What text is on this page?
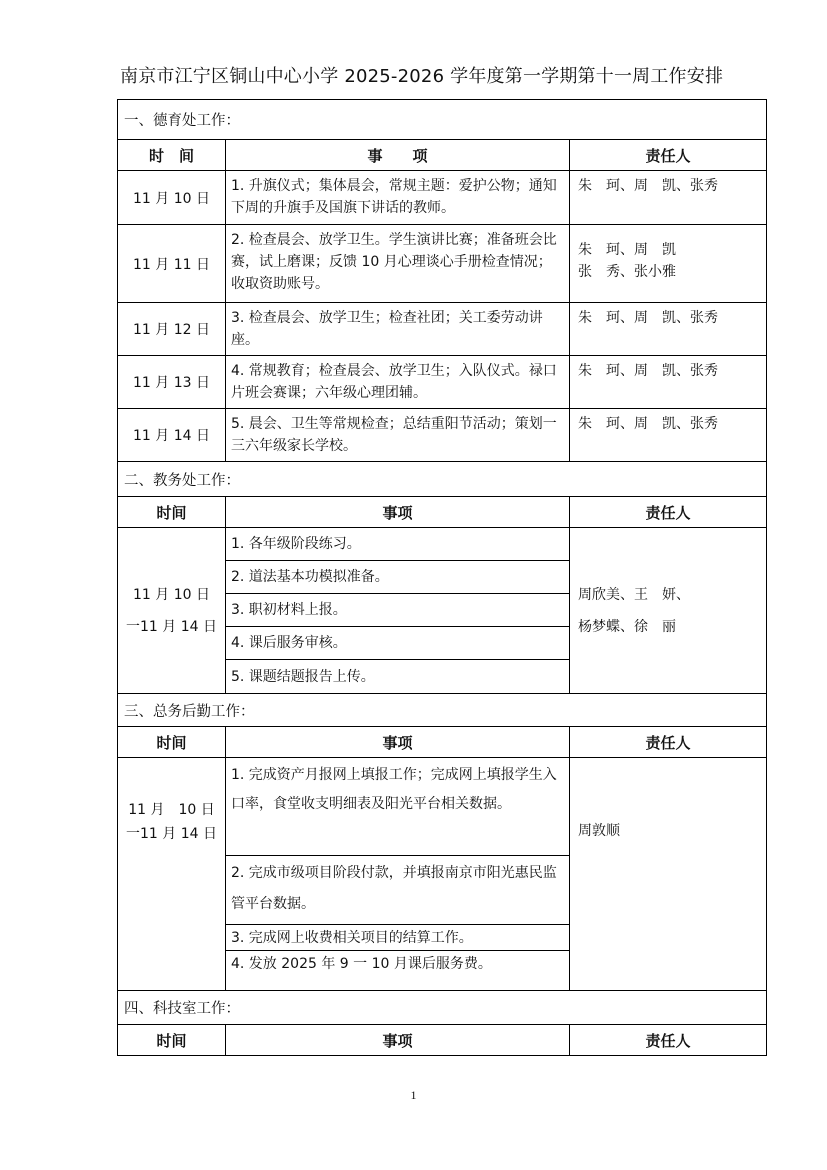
南京市江宁区铜山中心小学 2025-2026 学年度第一学期第十一周工作安排
一、德育处工作：		
时　间	事　　项	责任人
11 月 10 日	1. 升旗仪式；集体晨会，常规主题：爱护公物；通知下周的升旗手及国旗下讲话的教师。	朱　珂、周　凯、张秀
11 月 11 日	2. 检查晨会、放学卫生。学生演讲比赛；准备班会比赛，试上磨课；反馈 10 月心理谈心手册检查情况；收取资助账号。	朱　珂、周　凯
张　秀、张小雅

11 月 12 日	3. 检查晨会、放学卫生；检查社团；关工委劳动讲座。	朱　珂、周　凯、张秀
11 月 13 日	4. 常规教育；检查晨会、放学卫生；入队仪式。禄口片班会赛课；六年级心理团辅。	朱　珂、周　凯、张秀
11 月 14 日	5. 晨会、卫生等常规检查；总结重阳节活动；策划一三六年级家长学校。	朱　珂、周　凯、张秀
二、教务处工作：		
时间	事项	责任人

11 月 10 日
一11 月 14 日	1. 各年级阶段练习。	周欣美、王　妍、
杨梦蝶、徐　丽

	2. 道法基本功模拟准备。	
	3. 职初材料上报。	
	4. 课后服务审核。	
	5. 课题结题报告上传。	
三、总务后勤工作：		
时间	事项	责任人

11 月　10 日
一11 月 14 日	1. 完成资产月报网上填报工作；完成网上填报学生入口率，食堂收支明细表及阳光平台相关数据。	周敦顺
	2. 完成市级项目阶段付款，并填报南京市阳光惠民监管平台数据。	
	3. 完成网上收费相关项目的结算工作。	
	4. 发放 2025 年 9 一 10 月课后服务费。	
四、科技室工作：		
时间	事项	责任人
1
